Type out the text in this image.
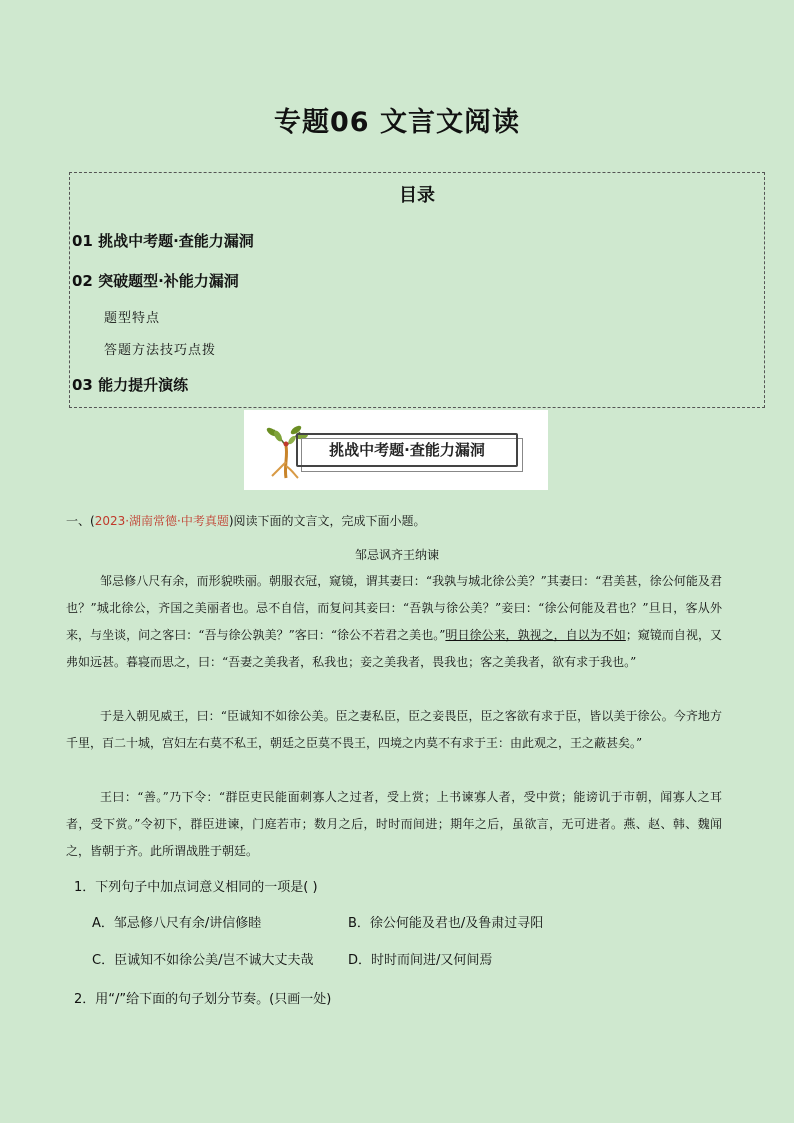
专题06 文言文阅读
目录
01 挑战中考题·查能力漏洞
02 突破题型·补能力漏洞
题型特点
答题方法技巧点拨
03 能力提升演练
挑战中考题·查能力漏洞
一、(2023·湖南常德·中考真题)阅读下面的文言文，完成下面小题。
邹忌讽齐王纳谏

邹忌修八尺有余，而形貌昳丽。朝服衣冠，窥镜，谓其妻曰：“我孰与城北徐公美？”其妻曰：“君美甚，徐公何能及君也？”城北徐公，齐国之美丽者也。忌不自信，而复问其妾曰：“吾孰与徐公美？”妾曰：“徐公何能及君也？”旦日，客从外来，与坐谈，问之客曰：“吾与徐公孰美？”客曰：“徐公不若君之美也。”明日徐公来，孰视之，自以为不如；窥镜而自视，又弗如远甚。暮寝而思之，曰：“吾妻之美我者，私我也；妾之美我者，畏我也；客之美我者，欲有求于我也。”

于是入朝见威王，曰：“臣诚知不如徐公美。臣之妻私臣，臣之妾畏臣，臣之客欲有求于臣，皆以美于徐公。今齐地方千里，百二十城，宫妇左右莫不私王，朝廷之臣莫不畏王，四境之内莫不有求于王：由此观之，王之蔽甚矣。”

王曰：“善。”乃下令：“群臣吏民能面刺寡人之过者，受上赏；上书谏寡人者，受中赏；能谤讥于市朝，闻寡人之耳者，受下赏。”令初下，群臣进谏，门庭若市；数月之后，时时而间进；期年之后，虽欲言，无可进者。燕、赵、韩、魏闻之，皆朝于齐。此所谓战胜于朝廷。

1．下列句子中加点词意义相同的一项是( )
A．邹忌修八尺有余/讲信修睦	B．徐公何能及君也/及鲁肃过寻阳
C．臣诚知不如徐公美/岂不诚大丈夫哉	D．时时而间进/又何间焉
2．用“/”给下面的句子划分节奏。(只画一处)
